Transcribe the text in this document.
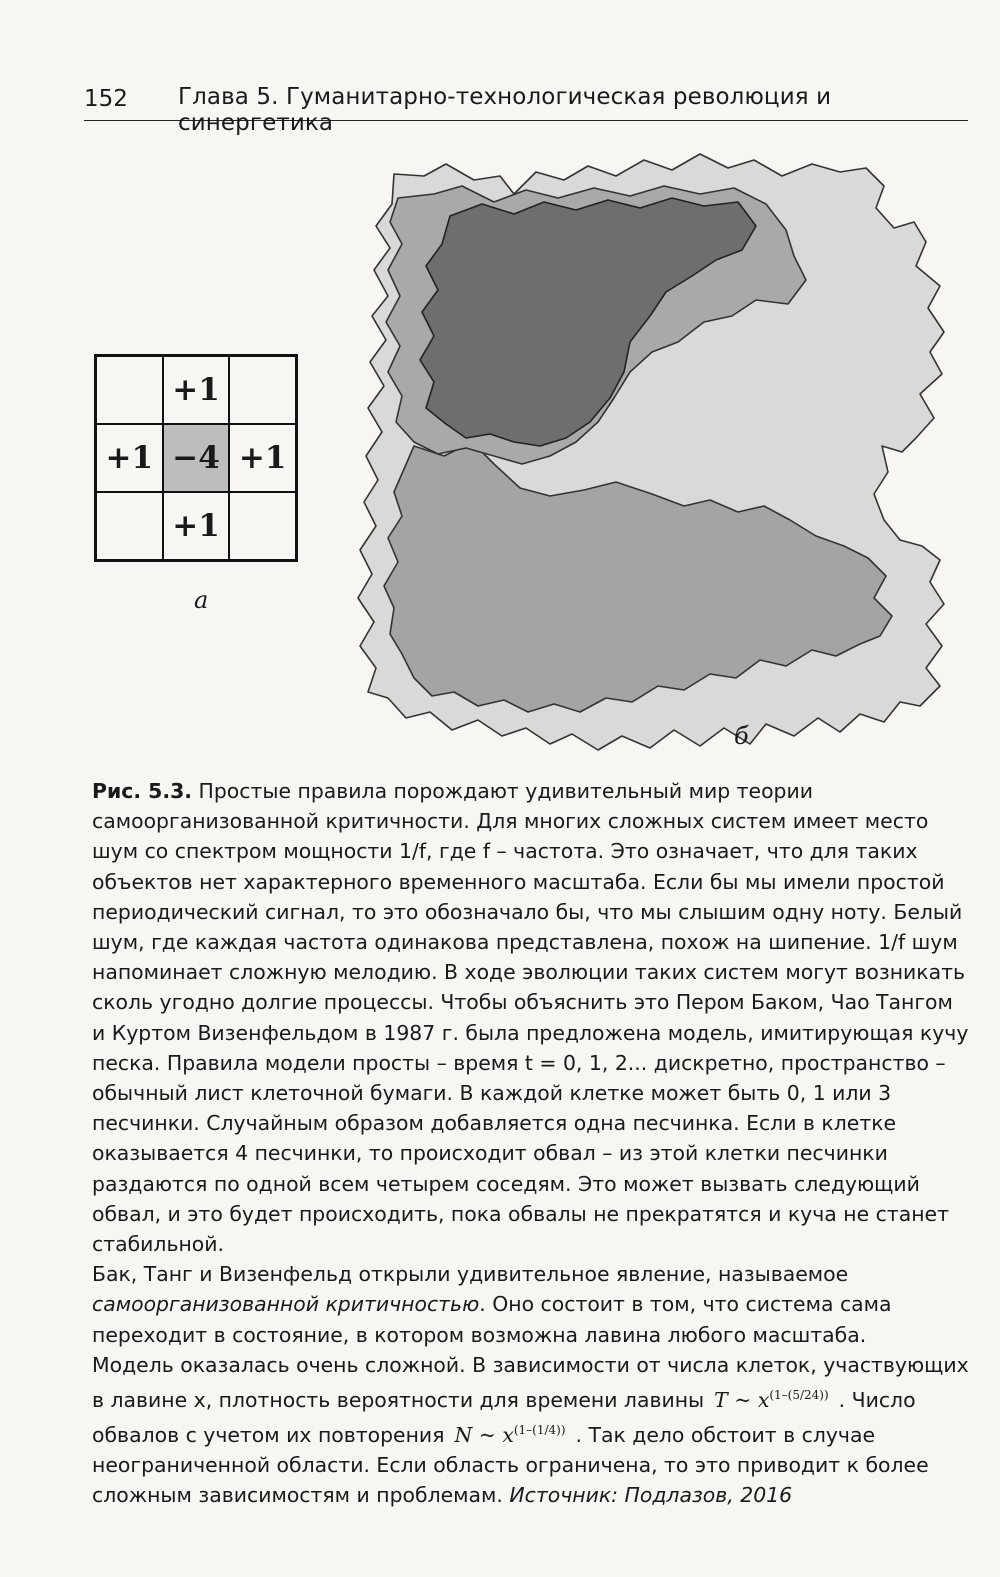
152 Глава 5. Гуманитарно-технологическая революция и синергетика
+1
+1 −4 +1
+1
а
б

Рис. 5.3. Простые правила порождают удивительный мир теории самоорганизованной критичности. Для многих сложных систем имеет место шум со спектром мощности 1/f, где f – частота. Это означает, что для таких объектов нет характерного временного масштаба. Если бы мы имели простой периодический сигнал, то это обозначало бы, что мы слышим одну ноту. Белый шум, где каждая частота одинакова представлена, похож на шипение. 1/f шум напоминает сложную мелодию. В ходе эволюции таких систем могут возникать сколь угодно долгие процессы. Чтобы объяснить это Пером Баком, Чао Тангом и Куртом Визенфельдом в 1987 г. была предложена модель, имитирующая кучу песка. Правила модели просты – время t = 0, 1, 2... дискретно, пространство – обычный лист клеточной бумаги. В каждой клетке может быть 0, 1 или 3 песчинки. Случайным образом добавляется одна песчинка. Если в клетке оказывается 4 песчинки, то происходит обвал – из этой клетки песчинки раздаются по одной всем четырем соседям. Это может вызвать следующий обвал, и это будет происходить, пока обвалы не прекратятся и куча не станет стабильной.

Бак, Танг и Визенфельд открыли удивительное явление, называемое самоорганизованной критичностью. Оно состоит в том, что система сама переходит в состояние, в котором возможна лавина любого масштаба.

Модель оказалась очень сложной. В зависимости от числа клеток, участвующих в лавине x, плотность вероятности для времени лавины T ~ $x^{(1-(5/24))}$ . Число обвалов с учетом их повторения N ~ $x^{(1-(1/4))}$ . Так дело обстоит в случае неограниченной области. Если область ограничена, то это приводит к более сложным зависимостям и проблемам. Источник: Подлазов, 2016
